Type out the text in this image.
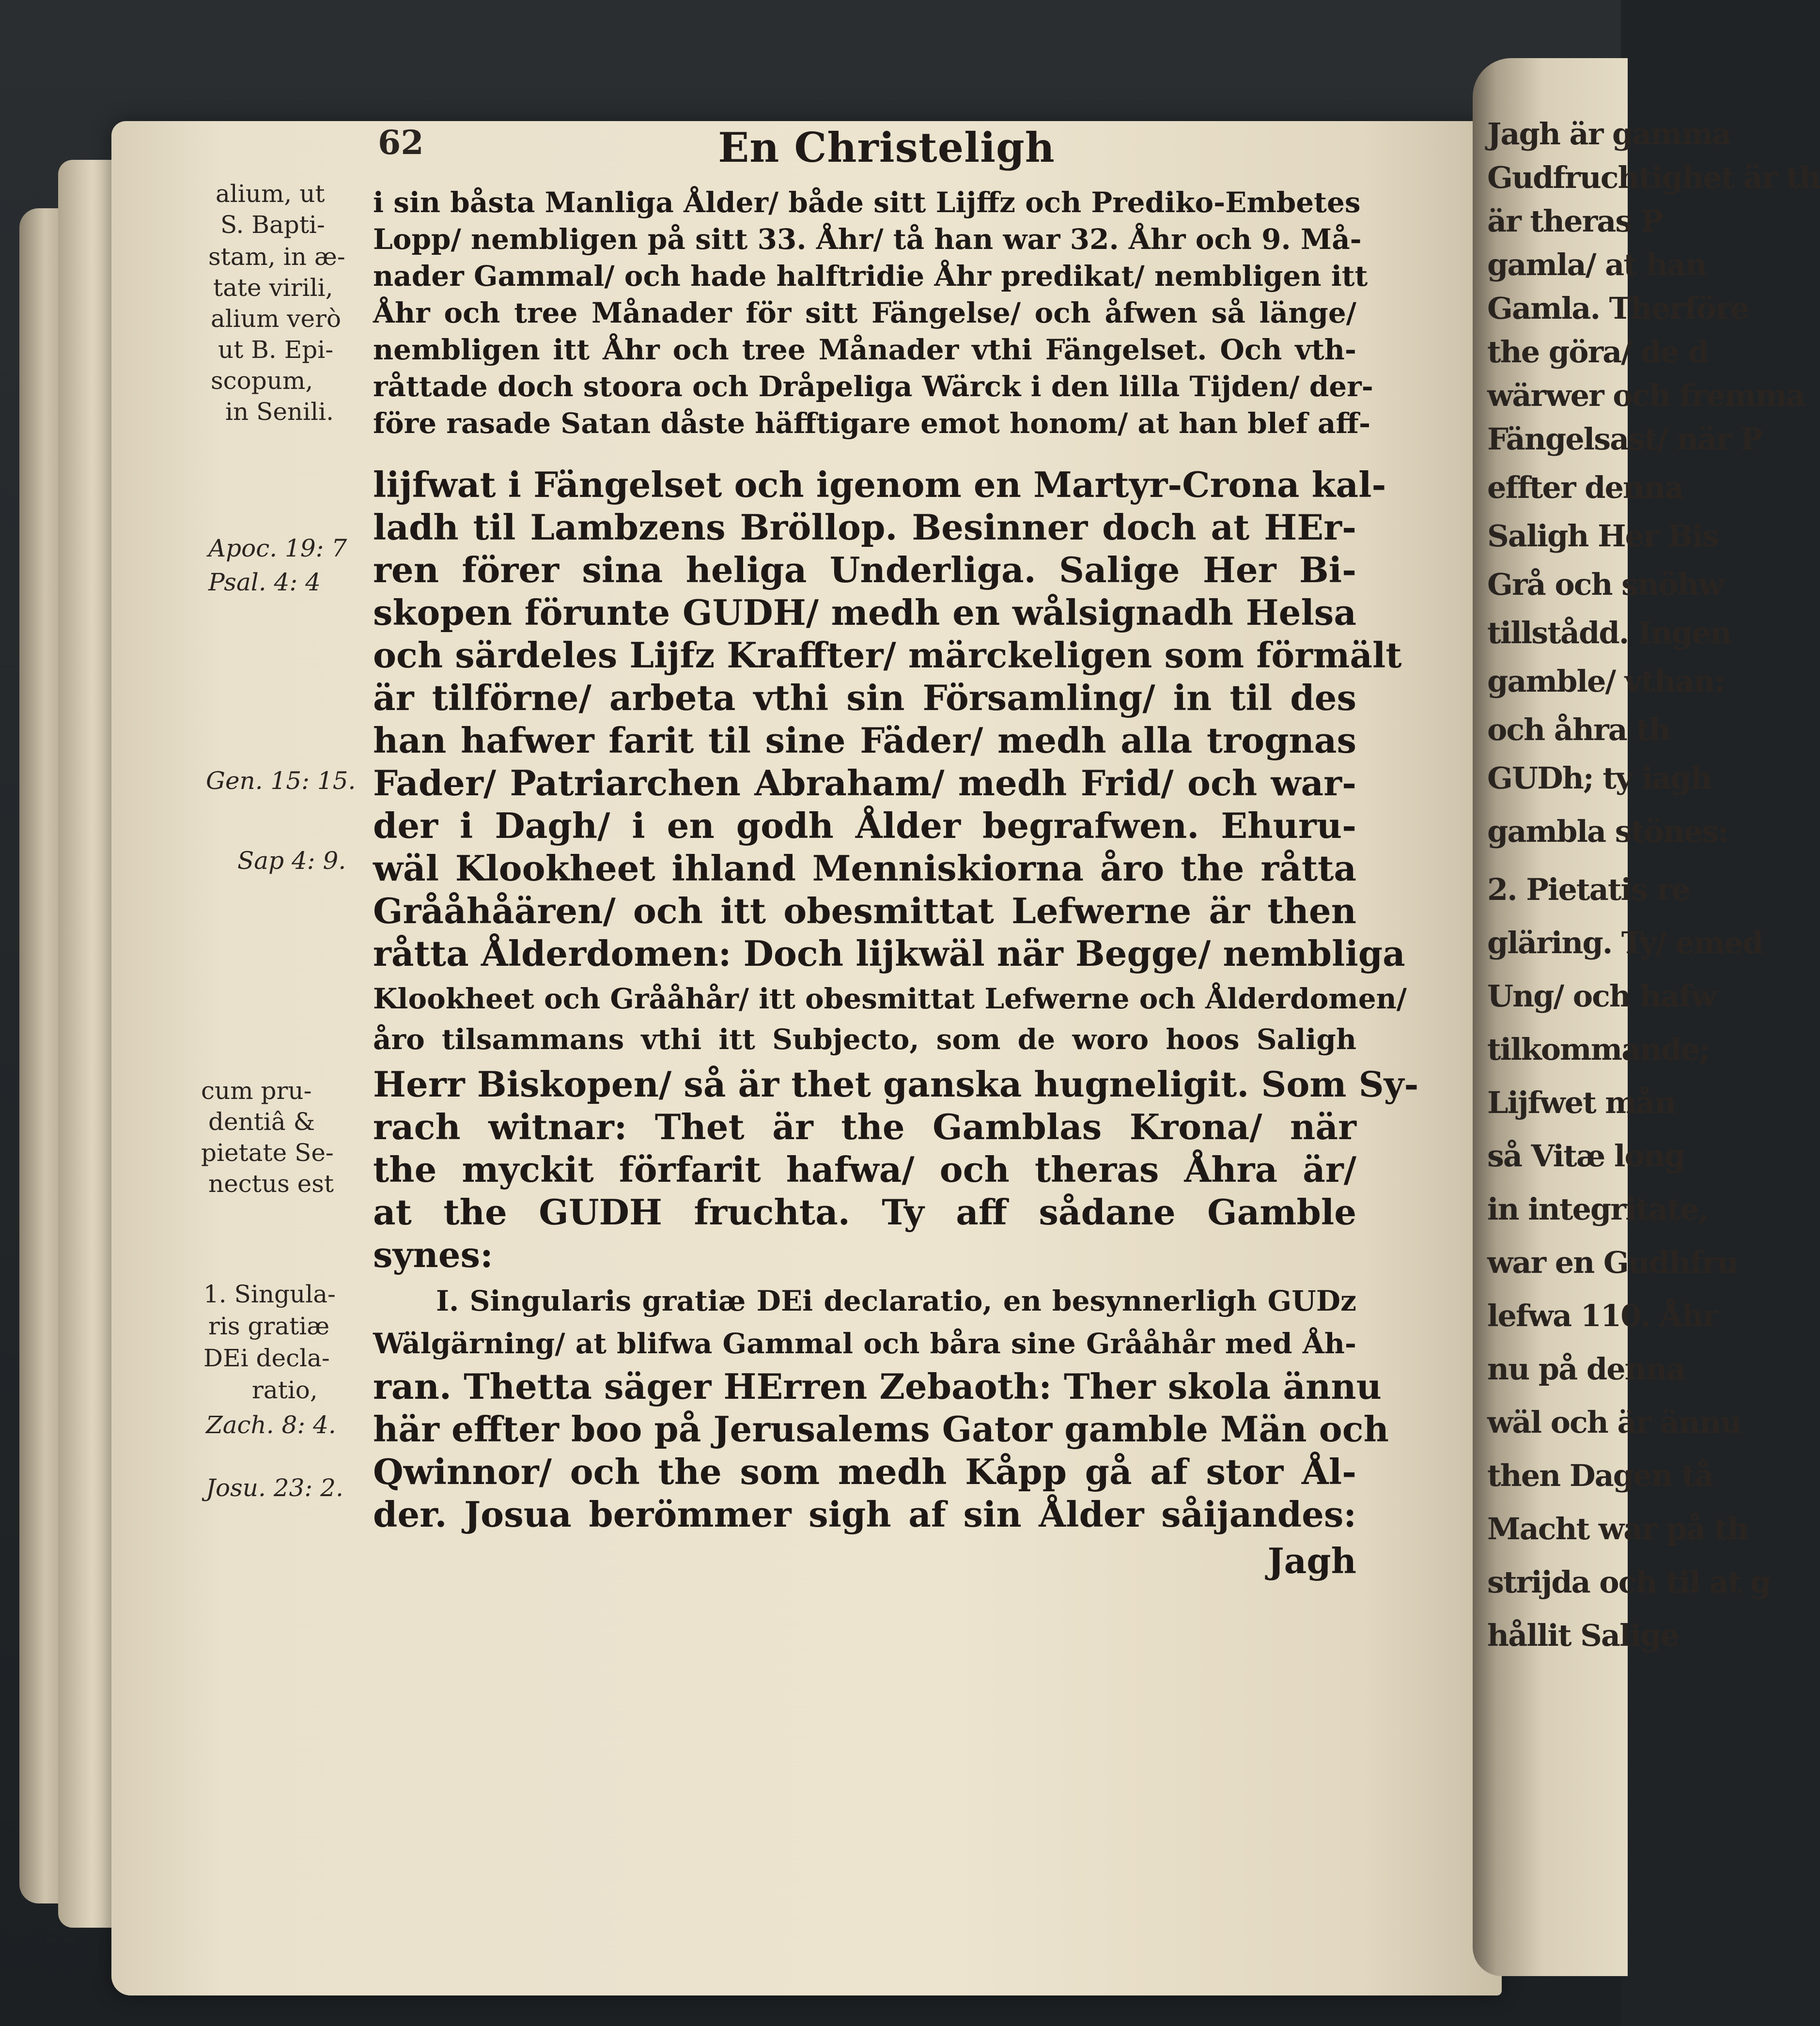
Jagh är gamma
Gudfruchtighet är th
är theras P
gamla/ at han
Gamla. Therföre
the göra/ de d
wärwer och fremma
Fängelsast/ när P
effter denna
Saligh Her Bis
Grå och snöhw
tillstådd. Ingen
gamble/ vthan:
och åhra th
GUDh; ty iagh
gambla stönes:
2. Pietatis re
gläring. Ty/ emed
Ung/ och hafw
tilkommande;
Lijfwet mån
så Vitæ long
in integritate,
war en Gudhfru
lefwa 110. Åhr
nu på denna
wäl och är ännu
then Dagen tå
Macht war på th
strijda och til at g
hållit Salige
62	En Christeligh
alium, ut
S. Bapti-
stam, in æ-
tate virili,
alium verò
ut B. Epi-
scopum,
in Senili.
Apoc. 19: 7
Psal. 4: 4
Gen. 15: 15.
Sap 4: 9.
cum pru-
dentiâ &
pietate Se-
nectus est
1. Singula-
ris gratiæ
DEi decla-
ratio,
Zach. 8: 4.
Josu. 23: 2.
i sin båsta Manliga Ålder/ både sitt Lijffz och Prediko-Embetes
Lopp/ nembligen på sitt 33. Åhr/ tå han war 32. Åhr och 9. Må-
nader Gammal/ och hade halftridie Åhr predikat/ nembligen itt
Åhr och tree Månader för sitt Fängelse/ och åfwen så länge/
nembligen itt Åhr och tree Månader vthi Fängelset. Och vth-
råttade doch stoora och Dråpeliga Wärck i den lilla Tijden/ der-
före rasade Satan dåste häfftigare emot honom/ at han blef aff-
lijfwat i Fängelset och igenom en Martyr-Crona kal-
ladh til Lambzens Bröllop. Besinner doch at HEr-
ren förer sina heliga Underliga. Salige Her Bi-
skopen förunte GUDH/ medh en wålsignadh Helsa
och särdeles Lijfz Kraffter/ märckeligen som förmält
är tilförne/ arbeta vthi sin Församling/ in til des
han hafwer farit til sine Fäder/ medh alla trognas
Fader/ Patriarchen Abraham/ medh Frid/ och war-
der i Dagh/ i en godh Ålder begrafwen. Ehuru-
wäl Klookheet ihland Menniskiorna åro the råtta
Grååhåären/ och itt obesmittat Lefwerne är then
råtta Ålderdomen: Doch lijkwäl när Begge/ nembliga
Klookheet och Grååhår/ itt obesmittat Lefwerne och Ålderdomen/
åro tilsammans vthi itt Subjecto, som de woro hoos Saligh
Herr Biskopen/ så är thet ganska hugneligit. Som Sy-
rach witnar: Thet är the Gamblas Krona/ när
the myckit förfarit hafwa/ och theras Åhra är/
at the GUDH fruchta. Ty aff sådane Gamble
synes:
I. Singularis gratiæ DEi declaratio, en besynnerligh GUDz
Wälgärning/ at blifwa Gammal och båra sine Grååhår med Åh-
ran. Thetta säger HErren Zebaoth: Ther skola ännu
här effter boo på Jerusalems Gator gamble Män och
Qwinnor/ och the som medh Kåpp gå af stor Ål-
der. Josua berömmer sigh af sin Ålder såijandes:
Jagh
